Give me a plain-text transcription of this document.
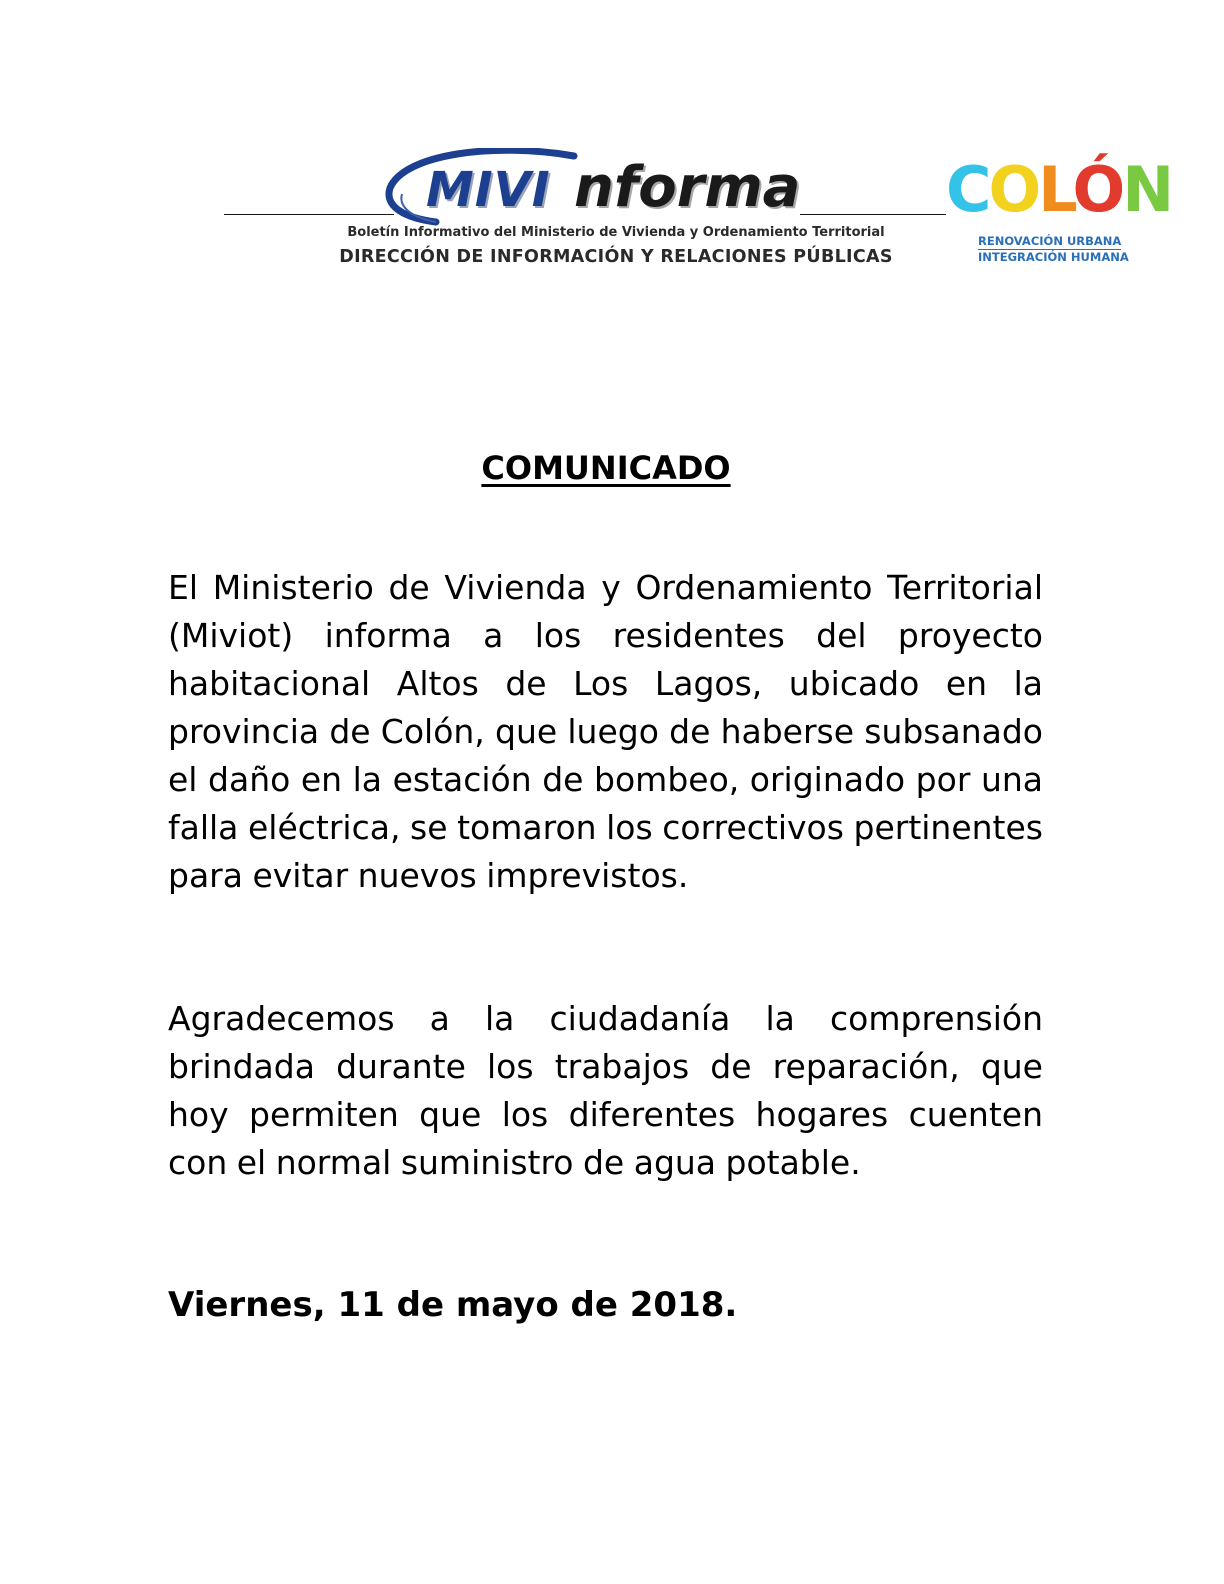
MIVI nforma
Boletín Informativo del Ministerio de Vivienda y Ordenamiento Territorial
DIRECCIÓN DE INFORMACIÓN Y RELACIONES PÚBLICAS
COLÓN
RENOVACIÓN URBANA
INTEGRACIÓN HUMANA
COMUNICADO

El Ministerio de Vivienda y Ordenamiento Territorial (Miviot) informa a los residentes del proyecto habitacional Altos de Los Lagos, ubicado en la provincia de Colón, que luego de haberse subsanado el daño en la estación de bombeo, originado por una falla eléctrica, se tomaron los correctivos pertinentes para evitar nuevos imprevistos.

Agradecemos a la ciudadanía la comprensión brindada durante los trabajos de reparación, que hoy permiten que los diferentes hogares cuenten con el normal suministro de agua potable.

Viernes, 11 de mayo de 2018.
